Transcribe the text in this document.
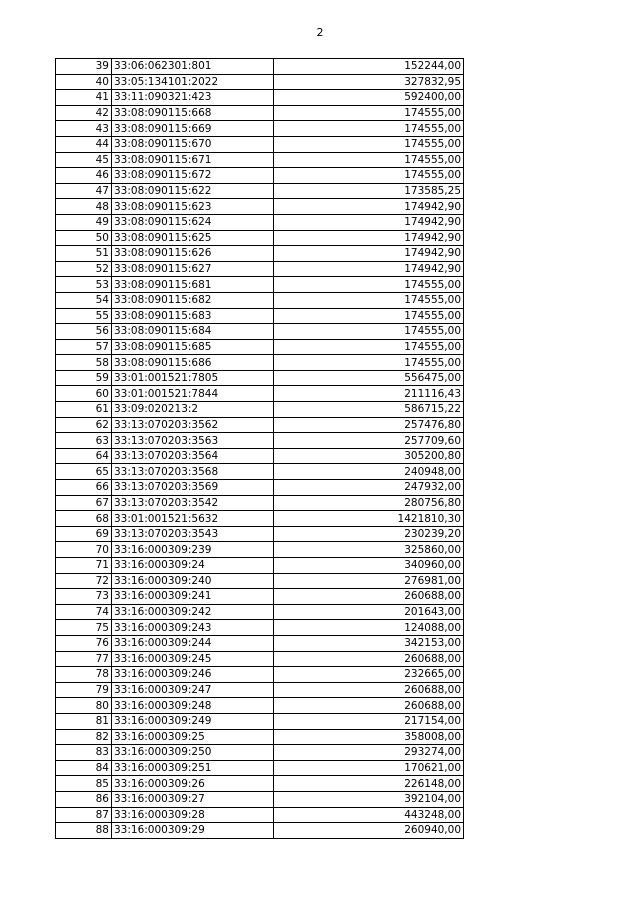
2
39	33:06:062301:801	152244,00
40	33:05:134101:2022	327832,95
41	33:11:090321:423	592400,00
42	33:08:090115:668	174555,00
43	33:08:090115:669	174555,00
44	33:08:090115:670	174555,00
45	33:08:090115:671	174555,00
46	33:08:090115:672	174555,00
47	33:08:090115:622	173585,25
48	33:08:090115:623	174942,90
49	33:08:090115:624	174942,90
50	33:08:090115:625	174942,90
51	33:08:090115:626	174942,90
52	33:08:090115:627	174942,90
53	33:08:090115:681	174555,00
54	33:08:090115:682	174555,00
55	33:08:090115:683	174555,00
56	33:08:090115:684	174555,00
57	33:08:090115:685	174555,00
58	33:08:090115:686	174555,00
59	33:01:001521:7805	556475,00
60	33:01:001521:7844	211116,43
61	33:09:020213:2	586715,22
62	33:13:070203:3562	257476,80
63	33:13:070203:3563	257709,60
64	33:13:070203:3564	305200,80
65	33:13:070203:3568	240948,00
66	33:13:070203:3569	247932,00
67	33:13:070203:3542	280756,80
68	33:01:001521:5632	1421810,30
69	33:13:070203:3543	230239,20
70	33:16:000309:239	325860,00
71	33:16:000309:24	340960,00
72	33:16:000309:240	276981,00
73	33:16:000309:241	260688,00
74	33:16:000309:242	201643,00
75	33:16:000309:243	124088,00
76	33:16:000309:244	342153,00
77	33:16:000309:245	260688,00
78	33:16:000309:246	232665,00
79	33:16:000309:247	260688,00
80	33:16:000309:248	260688,00
81	33:16:000309:249	217154,00
82	33:16:000309:25	358008,00
83	33:16:000309:250	293274,00
84	33:16:000309:251	170621,00
85	33:16:000309:26	226148,00
86	33:16:000309:27	392104,00
87	33:16:000309:28	443248,00
88	33:16:000309:29	260940,00
